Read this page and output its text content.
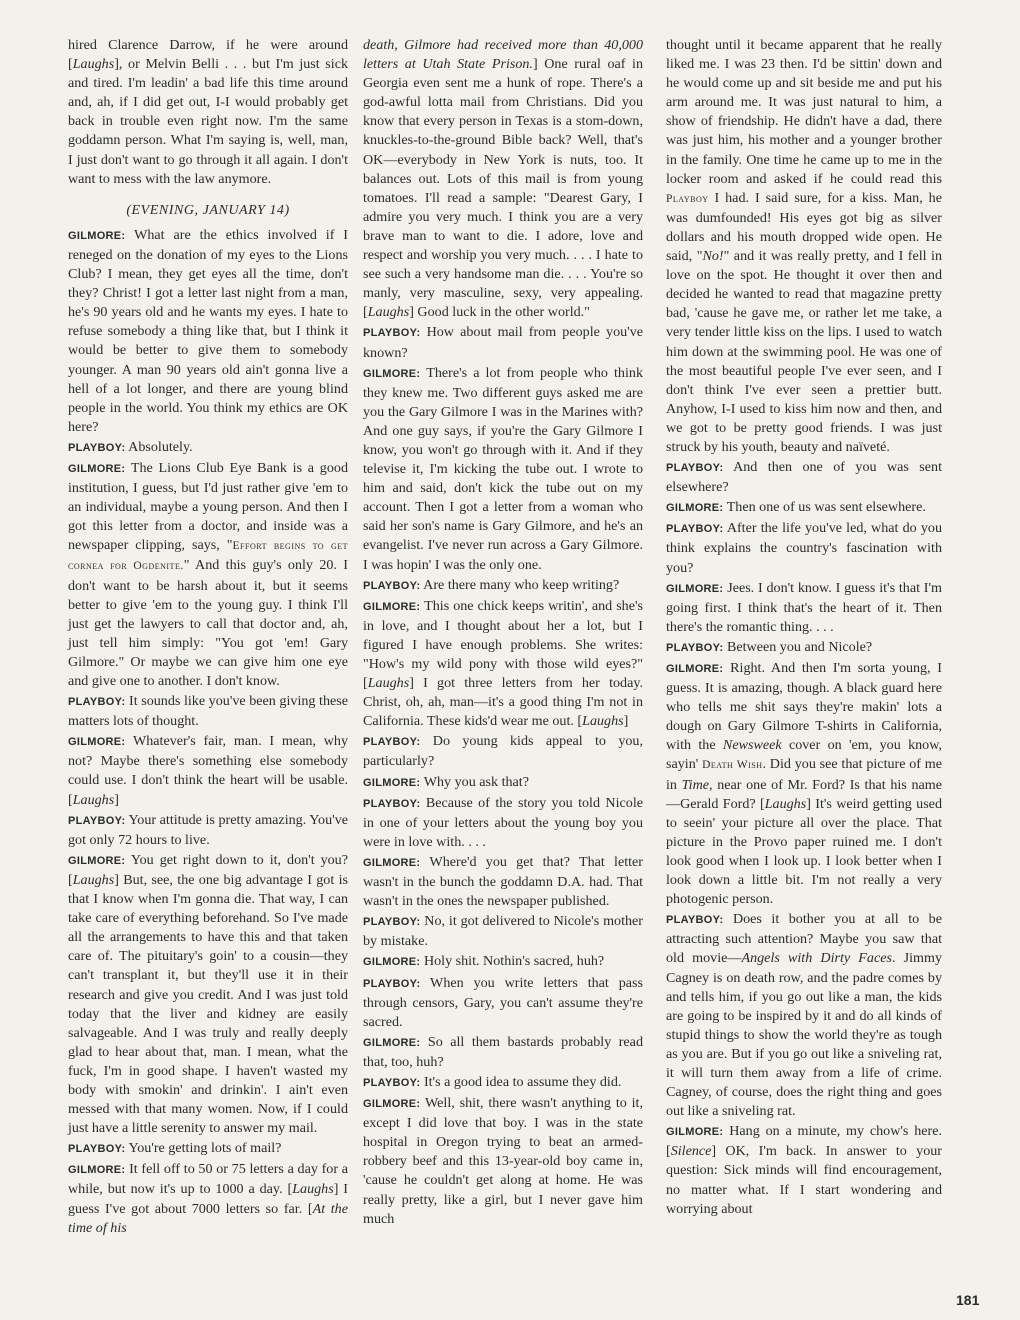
hired Clarence Darrow, if he were around [Laughs], or Melvin Belli . . . but I'm just sick and tired. I'm leadin' a bad life this time around and, ah, if I did get out, I-I would probably get back in trouble even right now. I'm the same goddamn person. What I'm saying is, well, man, I just don't want to go through it all again. I don't want to mess with the law anymore.

(EVENING, JANUARY 14)

GILMORE: What are the ethics involved if I reneged on the donation of my eyes to the Lions Club? I mean, they get eyes all the time, don't they? Christ! I got a letter last night from a man, he's 90 years old and he wants my eyes. I hate to refuse somebody a thing like that, but I think it would be better to give them to somebody younger. A man 90 years old ain't gonna live a hell of a lot longer, and there are young blind people in the world. You think my ethics are OK here?

PLAYBOY: Absolutely.

GILMORE: The Lions Club Eye Bank is a good institution, I guess, but I'd just rather give 'em to an individual, maybe a young person. And then I got this letter from a doctor, and inside was a newspaper clipping, says, "Effort begins to get cornea for Ogdenite." And this guy's only 20. I don't want to be harsh about it, but it seems better to give 'em to the young guy. I think I'll just get the lawyers to call that doctor and, ah, just tell him simply: "You got 'em! Gary Gilmore." Or maybe we can give him one eye and give one to another. I don't know.

PLAYBOY: It sounds like you've been giving these matters lots of thought.

GILMORE: Whatever's fair, man. I mean, why not? Maybe there's something else somebody could use. I don't think the heart will be usable. [Laughs]

PLAYBOY: Your attitude is pretty amazing. You've got only 72 hours to live.

GILMORE: You get right down to it, don't you? [Laughs] But, see, the one big advantage I got is that I know when I'm gonna die. That way, I can take care of everything beforehand. So I've made all the arrangements to have this and that taken care of. The pituitary's goin' to a cousin—they can't transplant it, but they'll use it in their research and give you credit. And I was just told today that the liver and kidney are easily salvageable. And I was truly and really deeply glad to hear about that, man. I mean, what the fuck, I'm in good shape. I haven't wasted my body with smokin' and drinkin'. I ain't even messed with that many women. Now, if I could just have a little serenity to answer my mail.

PLAYBOY: You're getting lots of mail?

GILMORE: It fell off to 50 or 75 letters a day for a while, but now it's up to 1000 a day. [Laughs] I guess I've got about 7000 letters so far. [At the time of his

death, Gilmore had received more than 40,000 letters at Utah State Prison.] One rural oaf in Georgia even sent me a hunk of rope. There's a god-awful lotta mail from Christians. Did you know that every person in Texas is a stom-down, knuckles-to-the-ground Bible back? Well, that's OK—everybody in New York is nuts, too. It balances out. Lots of this mail is from young tomatoes. I'll read a sample: "Dearest Gary, I admire you very much. I think you are a very brave man to want to die. I adore, love and respect and worship you very much. . . . I hate to see such a very handsome man die. . . . You're so manly, very masculine, sexy, very appealing. [Laughs] Good luck in the other world."

PLAYBOY: How about mail from people you've known?

GILMORE: There's a lot from people who think they knew me. Two different guys asked me are you the Gary Gilmore I was in the Marines with? And one guy says, if you're the Gary Gilmore I know, you won't go through with it. And if they televise it, I'm kicking the tube out. I wrote to him and said, don't kick the tube out on my account. Then I got a letter from a woman who said her son's name is Gary Gilmore, and he's an evangelist. I've never run across a Gary Gilmore. I was hopin' I was the only one.

PLAYBOY: Are there many who keep writing?

GILMORE: This one chick keeps writin', and she's in love, and I thought about her a lot, but I figured I have enough problems. She writes: "How's my wild pony with those wild eyes?" [Laughs] I got three letters from her today. Christ, oh, ah, man—it's a good thing I'm not in California. These kids'd wear me out. [Laughs]

PLAYBOY: Do young kids appeal to you, particularly?

GILMORE: Why you ask that?

PLAYBOY: Because of the story you told Nicole in one of your letters about the young boy you were in love with. . . .

GILMORE: Where'd you get that? That letter wasn't in the bunch the goddamn D.A. had. That wasn't in the ones the newspaper published.

PLAYBOY: No, it got delivered to Nicole's mother by mistake.

GILMORE: Holy shit. Nothin's sacred, huh?

PLAYBOY: When you write letters that pass through censors, Gary, you can't assume they're sacred.

GILMORE: So all them bastards probably read that, too, huh?

PLAYBOY: It's a good idea to assume they did.

GILMORE: Well, shit, there wasn't anything to it, except I did love that boy. I was in the state hospital in Oregon trying to beat an armed-robbery beef and this 13-year-old boy came in, 'cause he couldn't get along at home. He was really pretty, like a girl, but I never gave him much

thought until it became apparent that he really liked me. I was 23 then. I'd be sittin' down and he would come up and sit beside me and put his arm around me. It was just natural to him, a show of friendship. He didn't have a dad, there was just him, his mother and a younger brother in the family. One time he came up to me in the locker room and asked if he could read this Playboy I had. I said sure, for a kiss. Man, he was dumfounded! His eyes got big as silver dollars and his mouth dropped wide open. He said, "No!" and it was really pretty, and I fell in love on the spot. He thought it over then and decided he wanted to read that magazine pretty bad, 'cause he gave me, or rather let me take, a very tender little kiss on the lips. I used to watch him down at the swimming pool. He was one of the most beautiful people I've ever seen, and I don't think I've ever seen a prettier butt. Anyhow, I-I used to kiss him now and then, and we got to be pretty good friends. I was just struck by his youth, beauty and naïveté.

PLAYBOY: And then one of you was sent elsewhere?

GILMORE: Then one of us was sent elsewhere.

PLAYBOY: After the life you've led, what do you think explains the country's fascination with you?

GILMORE: Jees. I don't know. I guess it's that I'm going first. I think that's the heart of it. Then there's the romantic thing. . . .

PLAYBOY: Between you and Nicole?

GILMORE: Right. And then I'm sorta young, I guess. It is amazing, though. A black guard here who tells me shit says they're makin' lots a dough on Gary Gilmore T-shirts in California, with the Newsweek cover on 'em, you know, sayin' Death Wish. Did you see that picture of me in Time, near one of Mr. Ford? Is that his name—Gerald Ford? [Laughs] It's weird getting used to seein' your picture all over the place. That picture in the Provo paper ruined me. I don't look good when I look up. I look better when I look down a little bit. I'm not really a very photogenic person.

PLAYBOY: Does it bother you at all to be attracting such attention? Maybe you saw that old movie—Angels with Dirty Faces. Jimmy Cagney is on death row, and the padre comes by and tells him, if you go out like a man, the kids are going to be inspired by it and do all kinds of stupid things to show the world they're as tough as you are. But if you go out like a sniveling rat, it will turn them away from a life of crime. Cagney, of course, does the right thing and goes out like a sniveling rat.

GILMORE: Hang on a minute, my chow's here. [Silence] OK, I'm back. In answer to your question: Sick minds will find encouragement, no matter what. If I start wondering and worrying about

181
